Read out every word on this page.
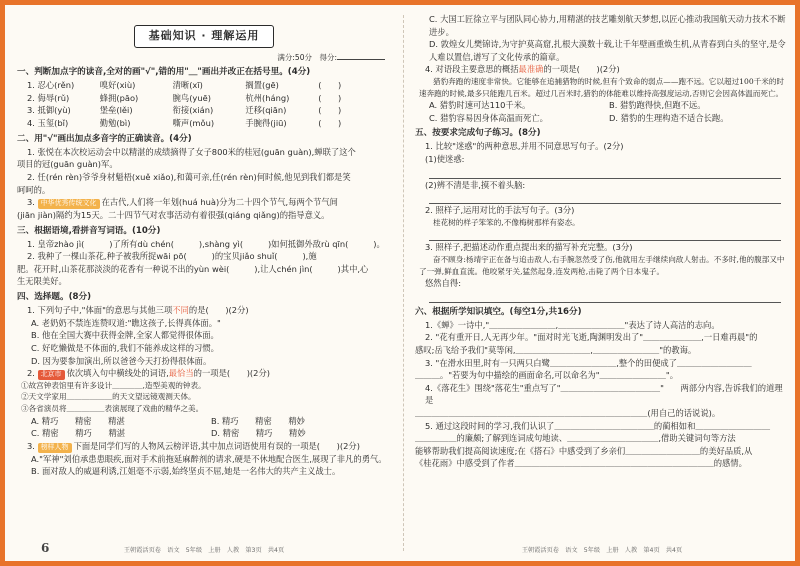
基础知识 · 理解运用
满分:50分　 得分:
一、判断加点字的读音,全对的画"√",错的用"＿"画出并改正在括号里。(4分)
1. 忍心(rěn)	嗅好(xiù)	清晰(xī)	搁置(gē)	(　　)
2. 侮辱(rǔ)	蜂拥(pāo)	腕鸟(yuē)	杭州(háng)	(　　)
3. 抵御(yù)	堡垒(lěi)	衔接(xián)	迁移(qiān)	(　　)
4. 玉玺(bǐ)	勤勉(bì)	嘶声(mǒu)	手腕得(jiū)	(　　)
二、用"√"画出加点多音字的正确读音。(4分)
1. 张悦在本次校运动会中以精湛的成绩摘得了女子800米的桂冠(guān guàn),蝉联了这个
项目的冠(guān guàn)军。
2. 任(rén rèn)爷爷身材魁梧(xuě xiǎo),和蔼可亲,任(rén rèn)何时候,他见到我们都是笑
呵呵的。
3. 中华优秀传统文化 在古代,人们将一年划(huá huà)分为二十四个节气,每两个节气间
(jiān jiàn)隔约为15天。二十四节气对农事活动有着很强(qiáng qiǎng)的指导意义。
三、根据语境,看拼音写词语。(10分)
1. 皇帝zhào jì(　　　)了所有dù chén(　　　),shàng yì(　　　)如何抵御外敌rù qīn(　　　)。
2. 我种了一棵山茶花,种子被我所捉wāi pō(　　　)的宝贝jiǎo shuǐ(　　　),施
肥。花开时,山茶花那淡淡的花香有一种说不出的yùn wèi(　　　),让人chén jìn(　　　)其中,心
生无限美好。
四、选择题。(8分)
1. 下列句子中,"体面"的意思与其他三项不同的是(　　)(2分)
A. 老奶奶不禁连连赞叹道:"瞧这孩子,长得真体面。"
B. 他在全国大赛中获得金牌,全家人都觉得很体面。
C. 好吃懒做是不体面的,我们不能养成这样的习惯。
D. 因为要参加演出,所以爸爸今天打扮得很体面。
2. 北京市 依次填入句中横线处的词语,最恰当的一项是(　　)(2分)
①故宫钟表馆里有许多设计＿＿＿＿,造型美观的钟表。
②天文学家用＿＿＿＿＿＿的天文望远镜观测天体。
③各省演员将＿＿＿＿＿表演展现了戏曲的精华之美。
A. 精巧　　精密　　精湛	B. 精巧　　精密　　精妙
C. 精密　　精巧　　精湛	D. 精密　　精巧　　精妙
3. 榜样人物 下面是同学们写的人物风云榜评语,其中加点词语使用有误的一项是(　　)(2分)
A."军神"刘伯承患患眼疾,面对手术前拖延麻醉剂的请求,硬是不休地配合医生,展现了非凡的勇气。
B. 面对敌人的威逼利诱,江姐毫不示弱,始终坚贞不屈,她是一名伟大的共产主义战士。
6	王朝霞活页卷　语文　5年级　上册　人教　第3页　共4页
C. 大国工匠徐立平与团队同心协力,用精湛的技艺雕刻航天梦想,以匠心推动我国航天动力技术不断进步。
D. 敦煌女儿樊锦诗,为守护莫高窟,扎根大漠数十载,让千年壁画重焕生机,从青春到白头的坚守,是令人难以置信,谱写了文化传承的篇章。
4. 对语段主要意思的概括最准确的一项是(　　)(2分)
猎豹奔跑的速度非常快。它能够在追捕猎物的时候,但有个致命的弱点——跑不远。它以超过100千米的时速奔跑的时候,最多只能跑几百米。超过几百米时,猎豹的体能难以维持高强度运动,否则它会因高体温而死亡。
A. 猎豹时速可达110千米。	B. 猎豹跑得快,但跑不远。
C. 猎豹容易因身体高温而死亡。	D. 猎豹的生理构造不适合长跑。
五、按要求完成句子练习。(8分)
1. 比较"迷惑"的两种意思,并用不同意思写句子。(2分)
(1)使迷惑:
(2)辨不清是非,摸不着头脑:
2. 照样子,运用对比的手法写句子。(3分)
桂花树的样子笨笨的,不像梅树那样有姿态。
3. 照样子,把描述动作重点提出来的描写补充完整。(3分)
奋不顾身:杨靖宇正在备与追击敌人,右手腕忽然受了伤,他就用左手继续向敌人射击。不多时,他的腹部又中了一弹,鲜血直流。他咬紧牙关,猛然起身,连发两枪,击毙了两个日本鬼子。
悠然自得:
六、根据所学知识填空。(每空1分,共16分)
1.《蝉》一诗中,"＿＿＿＿＿＿＿＿,＿＿＿＿＿＿＿＿"表达了诗人高洁的志向。
2. "花有重开日,人无再少年。"面对时光飞逝,陶渊明发出了"＿＿＿＿＿＿＿,一日难再晨"的
感叹;岳飞给予我们"莫等闲,＿＿＿＿＿＿＿＿＿,＿＿＿＿＿＿＿＿"的教诲。
3. "在滑水田里,时有一只两只白鹭＿＿＿＿＿＿＿＿,整个的田便成了＿＿＿＿＿＿＿＿＿
＿＿＿。"若要为句中描绘的画面命名,可以命名为"＿＿＿＿＿＿＿＿"。
4.《落花生》围绕"落花生"重点写了"＿＿＿＿＿＿＿＿＿＿＿＿"　　两部分内容,告诉我们的道理是
＿＿＿＿＿＿＿＿＿＿＿＿＿＿＿＿＿＿＿＿＿＿＿＿＿＿＿＿(用自己的话说说)。
5. 通过这段时间的学习,我们认识了＿＿＿＿＿＿＿＿＿＿＿＿的蔺相如和＿＿＿＿＿＿＿＿＿
＿＿＿＿＿的廉颇;了解到连词成句地读、＿＿＿＿＿＿＿＿＿＿＿,借助关键词句等方法
能够帮助我们提高阅读速度;在《搭石》中感受到了乡亲们＿＿＿＿＿＿＿＿＿的美好品质,从
《桂花雨》中感受到了作者＿＿＿＿＿＿＿＿＿＿＿＿＿＿＿＿＿＿＿＿＿＿＿＿的感情。
王朝霞活页卷　语文　5年级　上册　人教　第4页　共4页
